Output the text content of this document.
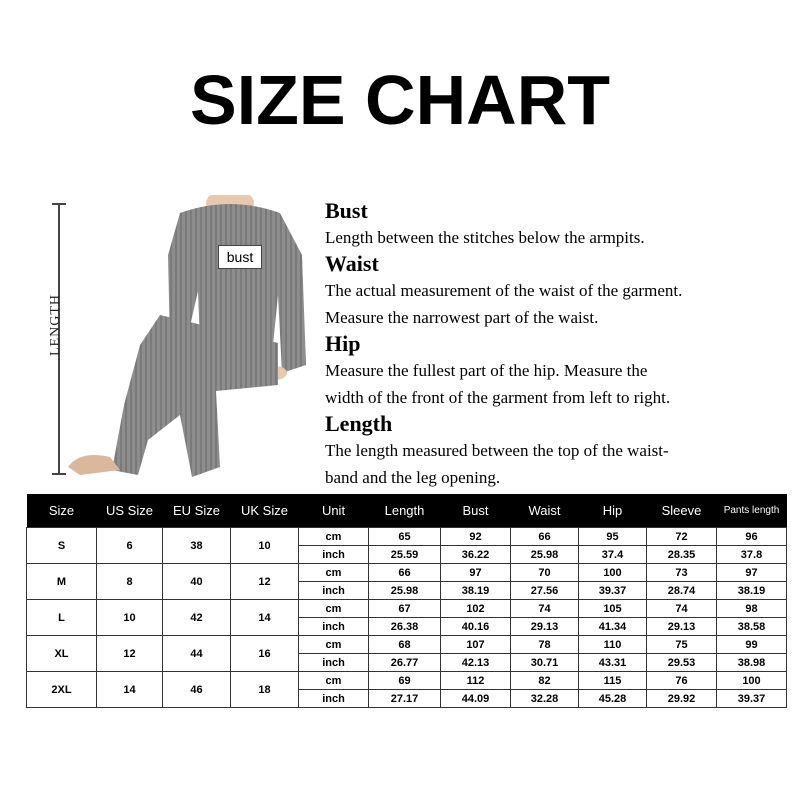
SIZE CHART
LENGTH
bust
Bust
Length between the stitches below the armpits.
Waist
The actual measurement of the waist of the garment.
Measure the narrowest part of the waist.
Hip
Measure the fullest part of the hip. Measure the
width of the front of the garment from left to right.
Length
The length measured between the top of the waist-
band and the leg opening.
Size	US Size	EU Size	UK Size	Unit	Length	Bust	Waist	Hip	Sleeve	Pants length
S	6	38	10	cm	65	92	66	95	72	96
				inch	25.59	36.22	25.98	37.4	28.35	37.8
M	8	40	12	cm	66	97	70	100	73	97
				inch	25.98	38.19	27.56	39.37	28.74	38.19
L	10	42	14	cm	67	102	74	105	74	98
				inch	26.38	40.16	29.13	41.34	29.13	38.58
XL	12	44	16	cm	68	107	78	110	75	99
				inch	26.77	42.13	30.71	43.31	29.53	38.98
2XL	14	46	18	cm	69	112	82	115	76	100
				inch	27.17	44.09	32.28	45.28	29.92	39.37
